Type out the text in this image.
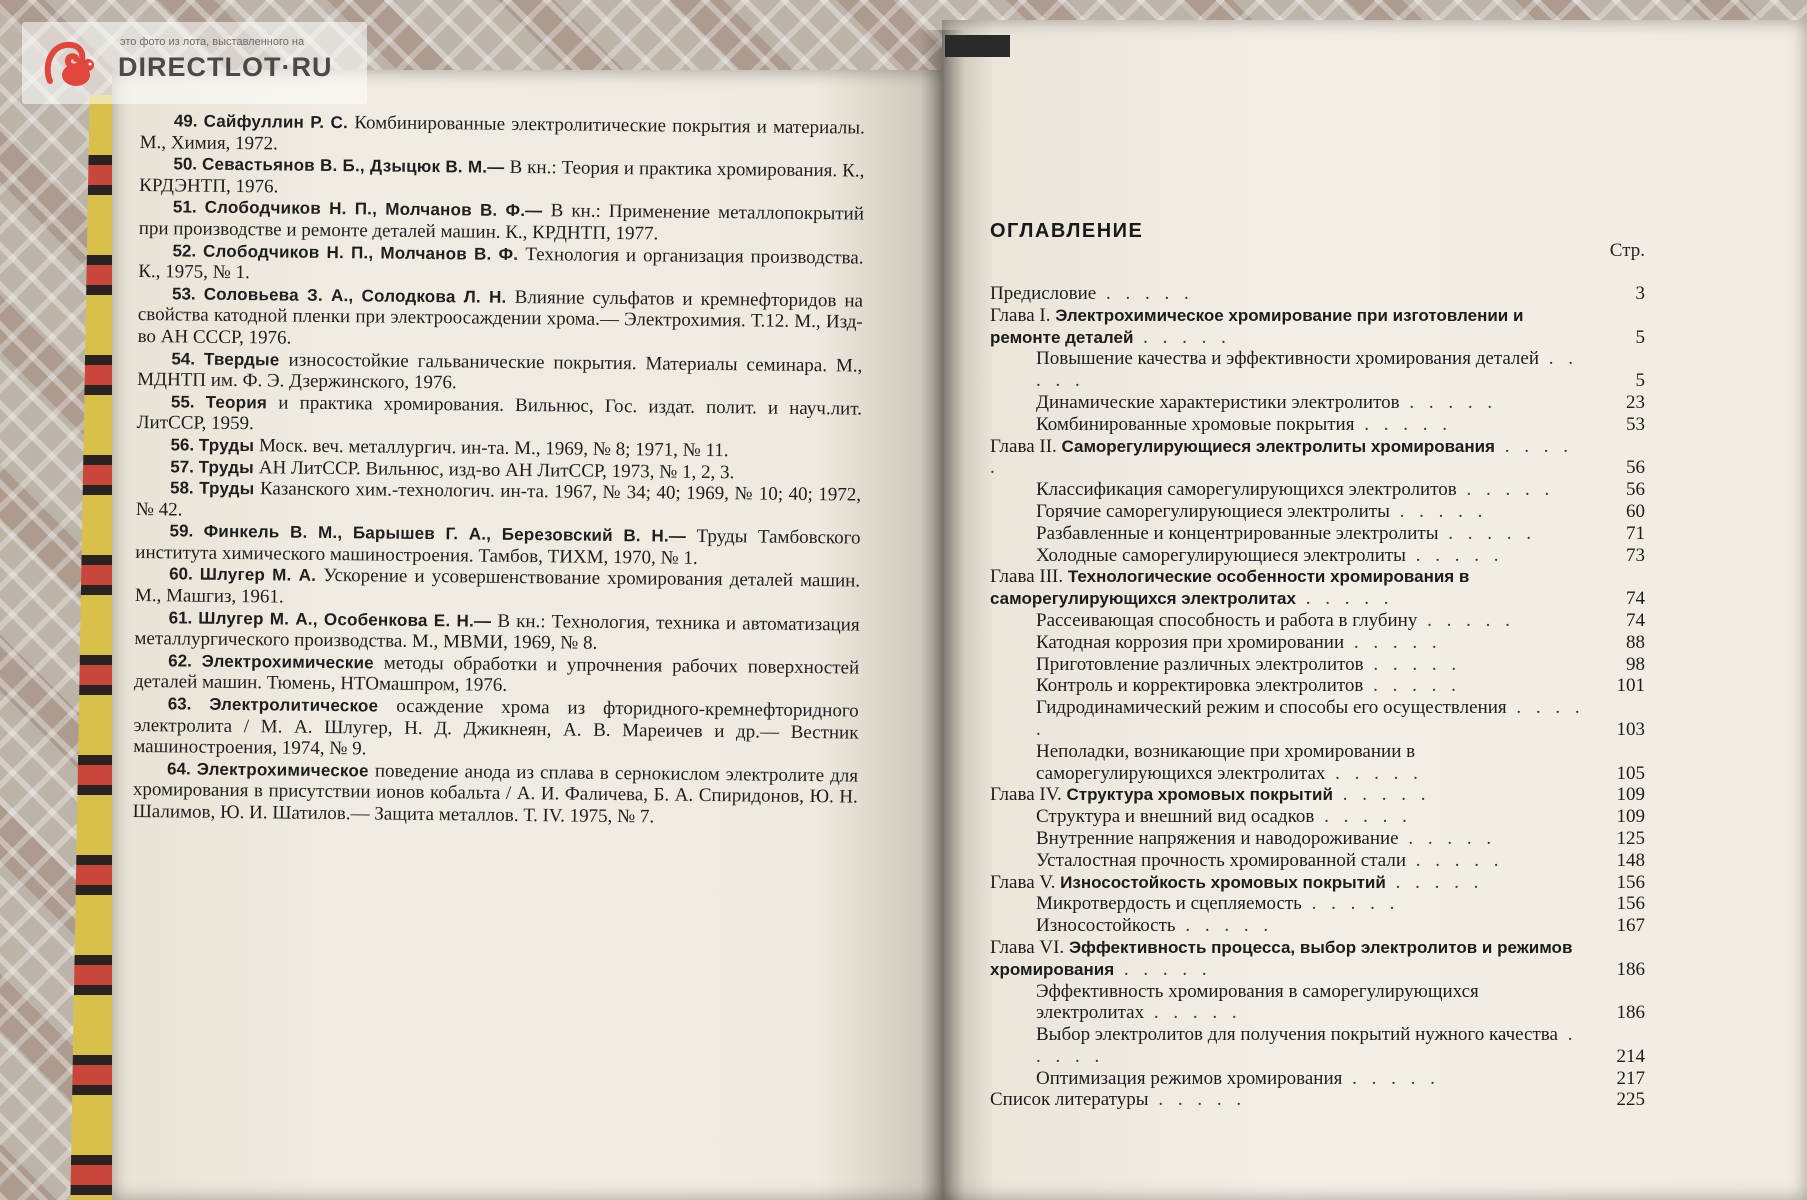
это фото из лота, выставленного на
DIRECTLOT·RU

49. Сайфуллин Р. С. Комбинированные электролитические покрытия и материалы. М., Химия, 1972.

50. Севастьянов В. Б., Дзыцюк В. М.— В кн.: Теория и практика хромирования. К., КРДЭНТП, 1976.

51. Слободчиков Н. П., Молчанов В. Ф.— В кн.: Применение металлопокрытий при производстве и ремонте деталей машин. К., КРДНТП, 1977.

52. Слободчиков Н. П., Молчанов В. Ф. Технология и организация производства. К., 1975, № 1.

53. Соловьева З. А., Солодкова Л. Н. Влияние сульфатов и кремнефторидов на свойства катодной пленки при электроосаждении хрома.— Электрохимия. Т.12. М., Изд-во АН СССР, 1976.

54. Твердые износостойкие гальванические покрытия. Материалы семинара. М., МДНТП им. Ф. Э. Дзержинского, 1976.

55. Теория и практика хромирования. Вильнюс, Гос. издат. полит. и науч.лит. ЛитССР, 1959.

56. Труды Моск. веч. металлургич. ин-та. М., 1969, № 8; 1971, № 11.

57. Труды АН ЛитССР. Вильнюс, изд-во АН ЛитССР, 1973, № 1, 2, 3.

58. Труды Казанского хим.-технологич. ин-та. 1967, № 34; 40; 1969, № 10; 40; 1972, № 42.

59. Финкель В. М., Барышев Г. А., Березовский В. Н.— Труды Тамбовского института химического машиностроения. Тамбов, ТИХМ, 1970, № 1.

60. Шлугер М. А. Ускорение и усовершенствование хромирования деталей машин. М., Машгиз, 1961.

61. Шлугер М. А., Особенкова Е. Н.— В кн.: Технология, техника и автоматизация металлургического производства. М., МВМИ, 1969, № 8.

62. Электрохимические методы обработки и упрочнения рабочих поверхностей деталей машин. Тюмень, НТОмашпром, 1976.

63. Электролитическое осаждение хрома из фторидного-кремнефторидного электролита / М. А. Шлугер, Н. Д. Джикнеян, А. В. Мареичев и др.— Вестник машиностроения, 1974, № 9.

64. Электрохимическое поведение анода из сплава в сернокислом электролите для хромирования в присутствии ионов кобальта / А. И. Фаличева, Б. А. Спиридонов, Ю. Н. Шалимов, Ю. И. Шатилов.— Защита металлов. Т. IV. 1975, № 7.

ОГЛАВЛЕНИЕ
Стр.
Предисловие . . . . .	3
Глава I. Электрохимическое хромирование при изготовлении и ремонте деталей . . . . .	5
Повышение качества и эффективности хромирования деталей . . . . .	5
Динамические характеристики электролитов . . . . .	23
Комбинированные хромовые покрытия . . . . .	53
Глава II. Саморегулирующиеся электролиты хромирования . . . . .	56
Классификация саморегулирующихся электролитов . . . . .	56
Горячие саморегулирующиеся электролиты . . . . .	60
Разбавленные и концентрированные электролиты . . . . .	71
Холодные саморегулирующиеся электролиты . . . . .	73
Глава III. Технологические особенности хромирования в саморегулирующихся электролитах . . . . .	74
Рассеивающая способность и работа в глубину . . . . .	74
Катодная коррозия при хромировании . . . . .	88
Приготовление различных электролитов . . . . .	98
Контроль и корректировка электролитов . . . . .	101
Гидродинамический режим и способы его осуществления . . . . .	103
Неполадки, возникающие при хромировании в саморегулирующихся электролитах . . . . .	105
Глава IV. Структура хромовых покрытий . . . . .	109
Структура и внешний вид осадков . . . . .	109
Внутренние напряжения и наводороживание . . . . .	125
Усталостная прочность хромированной стали . . . . .	148
Глава V. Износостойкость хромовых покрытий . . . . .	156
Микротвердость и сцепляемость . . . . .	156
Износостойкость . . . . .	167
Глава VI. Эффективность процесса, выбор электролитов и режимов хромирования . . . . .	186
Эффективность хромирования в саморегулирующихся электролитах . . . . .	186
Выбор электролитов для получения покрытий нужного качества . . . . .	214
Оптимизация режимов хромирования . . . . .	217
Список литературы . . . . .	225
